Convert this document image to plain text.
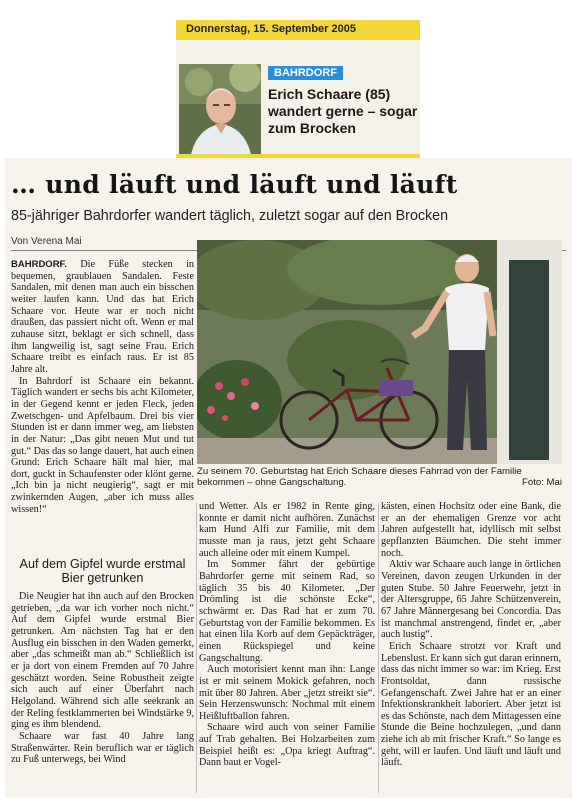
Donnerstag, 15. September 2005
BAHRDORF
Erich Schaare (85) wandert gerne – sogar zum Brocken
… und läuft und läuft und läuft
85-jähriger Bahrdorfer wandert täglich, zuletzt sogar auf den Brocken
Von Verena Mai

BAHRDORF. Die Füße stecken in bequemen, graublauen Sandalen. Feste Sandalen, mit denen man auch ein bisschen weiter laufen kann. Und das hat Erich Schaare vor. Heute war er noch nicht draußen, das passiert nicht oft. Wenn er mal zuhause sitzt, beklagt er sich schnell, dass ihm langweilig ist, sagt seine Frau. Erich Schaare treibt es einfach raus. Er ist 85 Jahre alt.

In Bahrdorf ist Schaare ein bekannt. Täglich wandert er sechs bis acht Kilometer, in der Gegend kennt er jeden Fleck, jeden Zwetschgen- und Apfelbaum. Drei bis vier Stunden ist er dann immer weg, am liebsten in der Natur: „Das gibt neuen Mut und tut gut.“ Das das so lange dauert, hat auch einen Grund: Erich Schaare hält mal hier, mal dort, guckt in Schaufenster oder klönt gerne. „Ich bin ja nicht neugierig“, sagt er mit zwinkernden Augen, „aber ich muss alles wissen!“

Auf dem Gipfel wurde erstmal Bier getrunken

Die Neugier hat ihn auch auf den Brocken getrieben, „da war ich vorher noch nicht.“ Auf dem Gipfel wurde erstmal Bier getrunken. Am nächsten Tag hat er den Ausflug ein bisschen in den Waden gemerkt, aber „das schmeißt man ab.“ Schließlich ist er ja dort von einem Fremden auf 70 Jahre geschätzt worden. Seine Robustheit zeigte sich auch auf einer Überfahrt nach Helgoland. Während sich alle seekrank an der Reling festklammerten bei Windstärke 9, ging es ihm blendend.

Schaare war fast 40 Jahre lang Straßenwärter. Rein beruflich war er täglich zu Fuß unterwegs, bei Wind

Zu seinem 70. Geburtstag hat Erich Schaare dieses Fahrrad von der Familie bekommen – ohne Gangschaltung.	Foto: Mai

und Wetter. Als er 1982 in Rente ging, konnte er damit nicht aufhören. Zunächst kam Hund Alfi zur Familie, mit dem musste man ja raus, jetzt geht Schaare auch alleine oder mit einem Kumpel.

Im Sommer fährt der gebürtige Bahrdorfer gerne mit seinem Rad, so täglich 35 bis 40 Kilometer. „Der Drömling ist die schönste Ecke“, schwärmt er. Das Rad hat er zum 70. Geburtstag von der Familie bekommen. Es hat einen lila Korb auf dem Gepäckträger, einen Rückspiegel und keine Gangschaltung.

Auch motorisiert kennt man ihn: Lange ist er mit seinem Mokick gefahren, noch mit über 80 Jahren. Aber „jetzt streikt sie“. Sein Herzenswunsch: Nochmal mit einem Heißluftballon fahren.

Schaare wird auch von seiner Familie auf Trab gehalten. Bei Holzarbeiten zum Beispiel heißt es: „Opa kriegt Auftrag“. Dann baut er Vogel-

kästen, einen Hochsitz oder eine Bank, die er an der ehemaligen Grenze vor acht Jahren aufgestellt hat, idyllisch mit selbst gepflanzten Bäumchen. Die steht immer noch.

Aktiv war Schaare auch lange in örtlichen Vereinen, davon zeugen Urkunden in der guten Stube. 50 Jahre Feuerwehr, jetzt in der Altersgruppe, 65 Jahre Schützenverein, 67 Jahre Männergesang bei Concordia. Das ist manchmal anstrengend, findet er, „aber auch lustig“.

Erich Schaare strotzt vor Kraft und Lebenslust. Er kann sich gut daran erinnern, dass das nicht immer so war: im Krieg. Erst Frontsoldat, dann russische Gefangenschaft. Zwei Jahre hat er an einer Infektionskrankheit laboriert. Aber jetzt ist es das Schönste, nach dem Mittagessen eine Stunde die Beine hochzulegen, „und dann ziehe ich ab mit frischer Kraft.“ So lange es geht, will er laufen. Und läuft und läuft und läuft.
